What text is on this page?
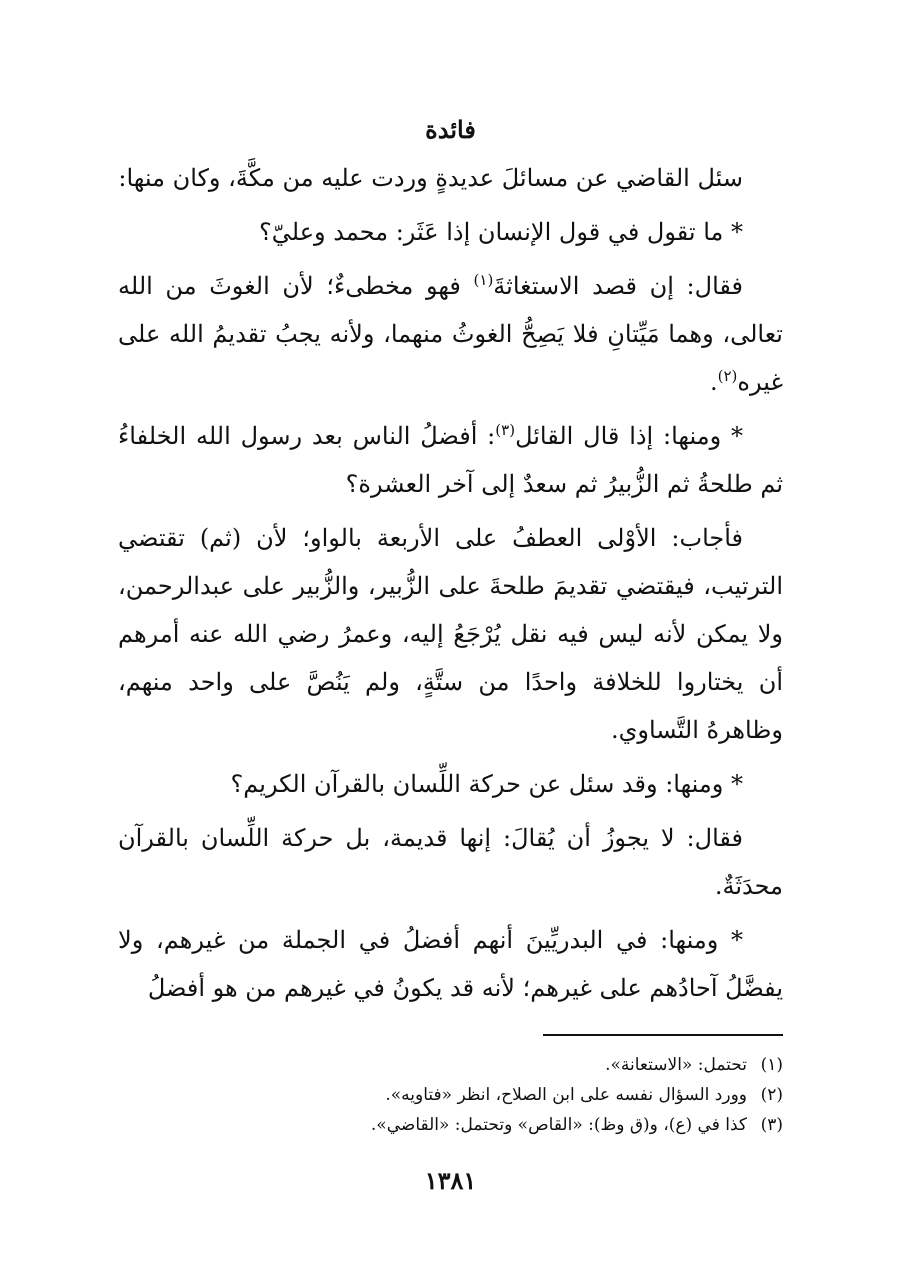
فائدة

سئل القاضي عن مسائلَ عديدةٍ وردت عليه من مكَّةَ، وكان منها:

* ما تقول في قول الإنسان إذا عَثَر: محمد وعليّ؟

فقال: إن قصد الاستغاثةَ$^{(١)}$ فهو مخطىءٌ؛ لأن الغوثَ من الله تعالى، وهما مَيِّتانِ فلا يَصِحُّ الغوثُ منهما، ولأنه يجبُ تقديمُ الله على غيره$^{(٢)}$.

* ومنها: إذا قال القائل$^{(٣)}$: أفضلُ الناس بعد رسول الله الخلفاءُ ثم طلحةُ ثم الزُّبيرُ ثم سعدٌ إلى آخر العشرة؟

فأجاب: الأوْلى العطفُ على الأربعة بالواو؛ لأن (ثم) تقتضي الترتيب، فيقتضي تقديمَ طلحةَ على الزُّبير، والزُّبير على عبدالرحمن، ولا يمكن لأنه ليس فيه نقل يُرْجَعُ إليه، وعمرُ رضي الله عنه أمرهم أن يختاروا للخلافة واحدًا من ستَّةٍ، ولم يَنُصَّ على واحد منهم، وظاهرهُ التَّساوي.

* ومنها: وقد سئل عن حركة اللِّسان بالقرآن الكريم؟

فقال: لا يجوزُ أن يُقالَ: إنها قديمة، بل حركة اللِّسان بالقرآن محدَثَةٌ.

* ومنها: في البدريِّينَ أنهم أفضلُ في الجملة من غيرهم، ولا يفضَّلُ آحادُهم على غيرهم؛ لأنه قد يكونُ في غيرهم من هو أفضلُ

(١)تحتمل: «الاستعانة».

(٢)وورد السؤال نفسه على ابن الصلاح، انظر «فتاويه».

(٣)كذا في (ع)، و(ق وظ): «القاص» وتحتمل: «القاضي».

١٣٨١
